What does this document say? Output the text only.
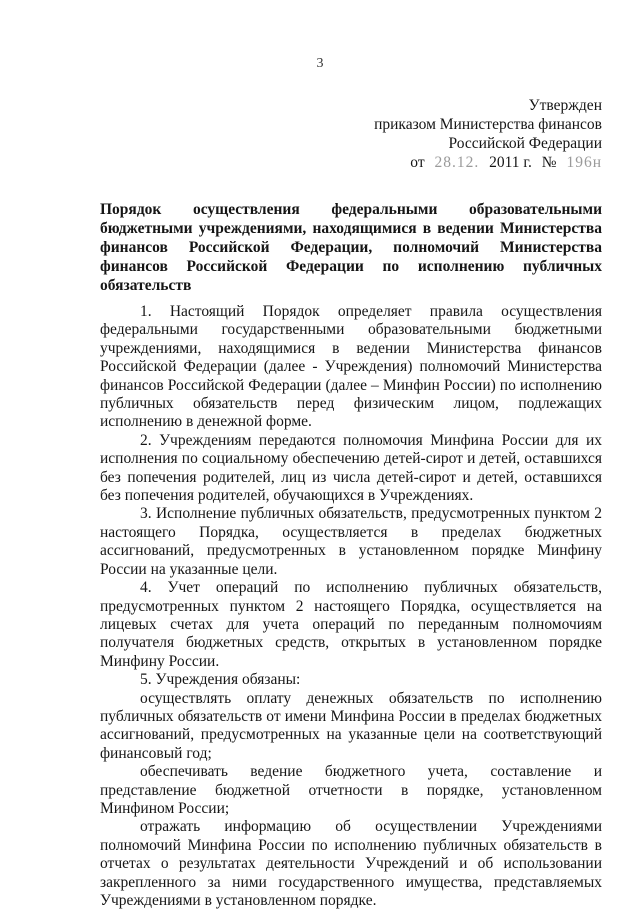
3
Утвержден
приказом Министерства финансов
Российской Федерации
от 28.12. 2011 г. № 196н

Порядок осуществления федеральными образовательными бюджетными учреждениями, находящимися в ведении Министерства финансов Российской Федерации, полномочий Министерства финансов Российской Федерации по исполнению публичных обязательств

1. Настоящий Порядок определяет правила осуществления федеральными государственными образовательными бюджетными учреждениями, находящимися в ведении Министерства финансов Российской Федерации (далее - Учреждения) полномочий Министерства финансов Российской Федерации (далее – Минфин России) по исполнению публичных обязательств перед физическим лицом, подлежащих исполнению в денежной форме.

2. Учреждениям передаются полномочия Минфина России для их исполнения по социальному обеспечению детей-сирот и детей, оставшихся без попечения родителей, лиц из числа детей-сирот и детей, оставшихся без попечения родителей, обучающихся в Учреждениях.

3. Исполнение публичных обязательств, предусмотренных пунктом 2 настоящего Порядка, осуществляется в пределах бюджетных ассигнований, предусмотренных в установленном порядке Минфину России на указанные цели.

4. Учет операций по исполнению публичных обязательств, предусмотренных пунктом 2 настоящего Порядка, осуществляется на лицевых счетах для учета операций по переданным полномочиям получателя бюджетных средств, открытых в установленном порядке Минфину России.

5. Учреждения обязаны:

осуществлять оплату денежных обязательств по исполнению публичных обязательств от имени Минфина России в пределах бюджетных ассигнований, предусмотренных на указанные цели на соответствующий финансовый год;

обеспечивать ведение бюджетного учета, составление и представление бюджетной отчетности в порядке, установленном Минфином России;

отражать информацию об осуществлении Учреждениями полномочий Минфина России по исполнению публичных обязательств в отчетах о результатах деятельности Учреждений и об использовании закрепленного за ними государственного имущества, представляемых Учреждениями в установленном порядке.
